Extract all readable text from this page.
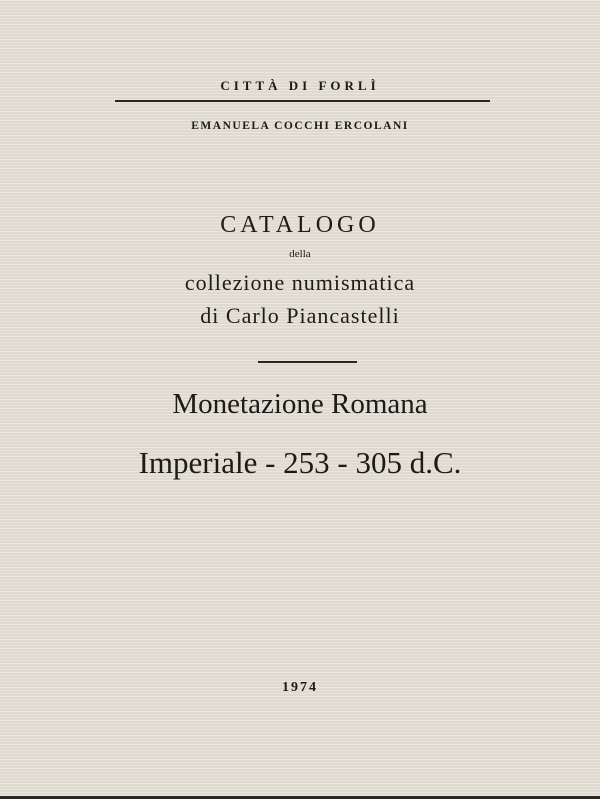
CITTÀ DI FORLÌ
EMANUELA COCCHI ERCOLANI
CATALOGO
della
collezione numismatica
di Carlo Piancastelli
Monetazione Romana
Imperiale - 253 - 305 d.C.
1974
